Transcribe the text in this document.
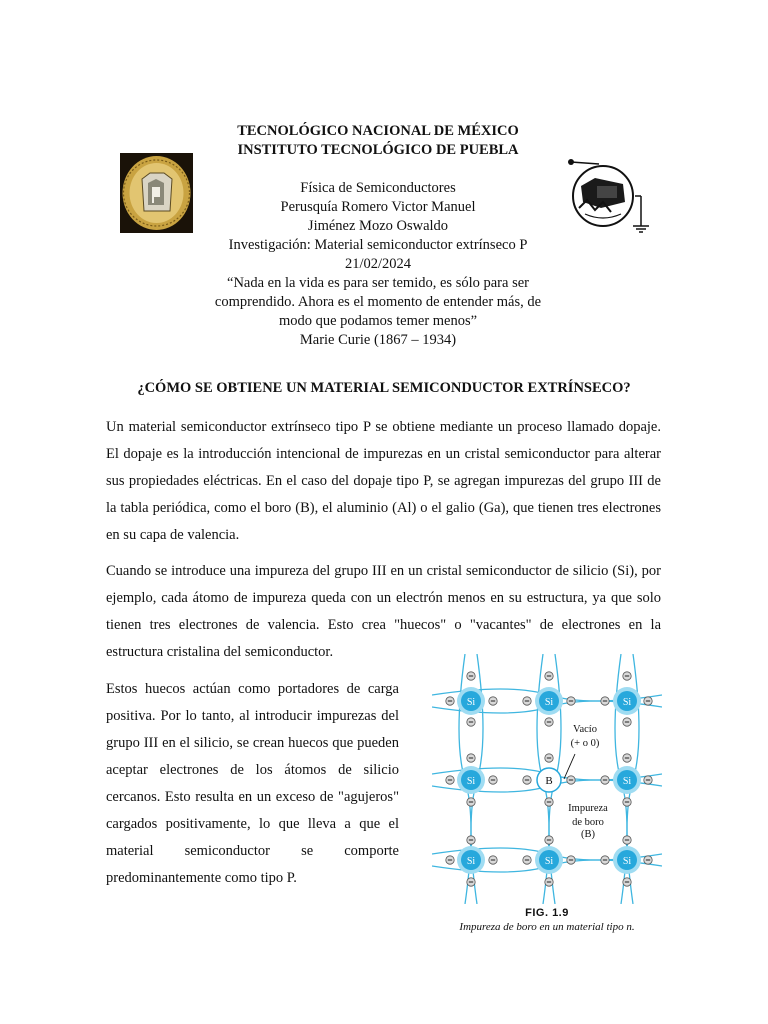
TECNOLÓGICO NACIONAL DE MÉXICO
INSTITUTO TECNOLÓGICO DE PUEBLA
Física de Semiconductores
Perusquía Romero Victor Manuel
Jiménez Mozo Oswaldo
Investigación: Material semiconductor extrínseco P
21/02/2024
“Nada en la vida es para ser temido, es sólo para ser
comprendido. Ahora es el momento de entender más, de
modo que podamos temer menos”
Marie Curie (1867 – 1934)
¿CÓMO SE OBTIENE UN MATERIAL SEMICONDUCTOR EXTRÍNSECO?
Un material semiconductor extrínseco tipo P se obtiene mediante un proceso llamado dopaje. El dopaje es la introducción intencional de impurezas en un cristal semiconductor para alterar sus propiedades eléctricas. En el caso del dopaje tipo P, se agregan impurezas del grupo III de la tabla periódica, como el boro (B), el aluminio (Al) o el galio (Ga), que tienen tres electrones en su capa de valencia.
Cuando se introduce una impureza del grupo III en un cristal semiconductor de silicio (Si), por ejemplo, cada átomo de impureza queda con un electrón menos en su estructura, ya que solo tienen tres electrones de valencia. Esto crea "huecos" o "vacantes" de electrones en la estructura cristalina del semiconductor.
Estos huecos actúan como portadores de carga positiva. Por lo tanto, al introducir impurezas del grupo III en el silicio, se crean huecos que pueden aceptar electrones de los átomos de silicio cercanos. Esto resulta en un exceso de "agujeros" cargados positivamente, lo que lleva a que el material semiconductor se comporte predominantemente como tipo P.
Si	Si	Si
Si	B	Si
Si	Si	Si
Vacío
(+ o 0)
Impureza
de boro
(B)
FIG. 1.9
Impureza de boro en un material tipo n.
